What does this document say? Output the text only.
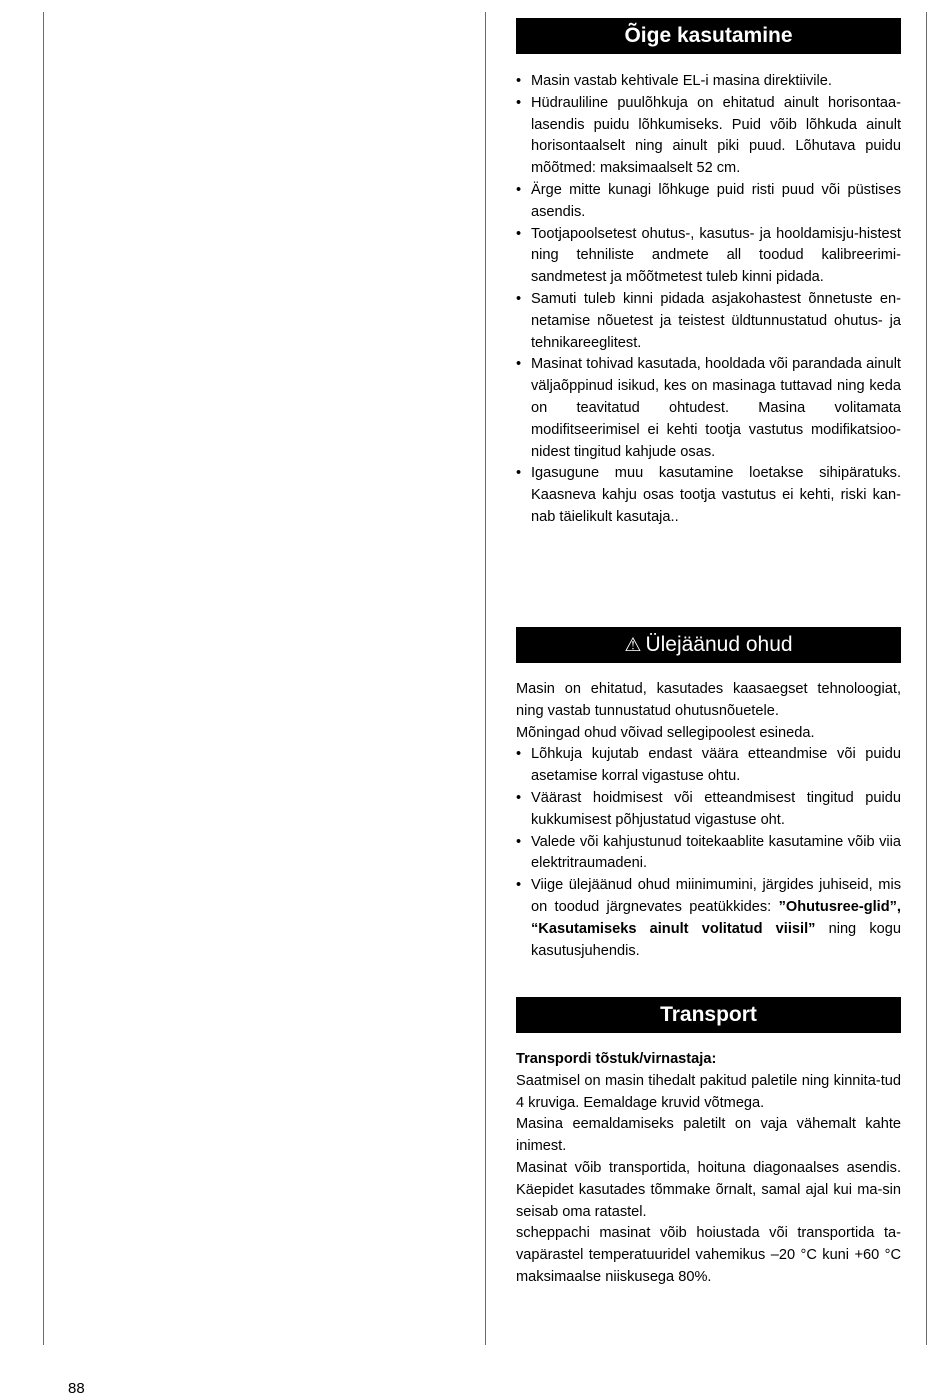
Õige kasutamine
• Masin vastab kehtivale EL-i masina direktiivile.
• Hüdrauliline puulõhkuja on ehitatud ainult horisontaa-lasendis puidu lõhkumiseks. Puid võib lõhkuda ainult horisontaalselt ning ainult piki puud. Lõhutava puidu mõõtmed: maksimaalselt 52 cm.
• Ärge mitte kunagi lõhkuge puid risti puud või püstises asendis.
• Tootjapoolsetest ohutus-, kasutus- ja hooldamisju-histest ning tehniliste andmete all toodud kalibreerimi-sandmetest ja mõõtmetest tuleb kinni pidada.
• Samuti tuleb kinni pidada asjakohastest õnnetuste en-netamise nõuetest ja teistest üldtunnustatud ohutus- ja tehnikareeglitest.
• Masinat tohivad kasutada, hooldada või parandada ainult väljaõppinud isikud, kes on masinaga tuttavad ning keda on teavitatud ohtudest. Masina volitamata modifitseerimisel ei kehti tootja vastutus modifikatsioo-nidest tingitud kahjude osas.
• Igasugune muu kasutamine loetakse sihipäratuks. Kaasneva kahju osas tootja vastutus ei kehti, riski kan-nab täielikult kasutaja..
⚠ Ülejäänud ohud

Masin on ehitatud, kasutades kaasaegset tehnoloogiat, ning vastab tunnustatud ohutusnõuetele.

Mõningad ohud võivad sellegipoolest esineda.

• Lõhkuja kujutab endast väära etteandmise või puidu asetamise korral vigastuse ohtu.
• Väärast hoidmisest või etteandmisest tingitud puidu kukkumisest põhjustatud vigastuse oht.
• Valede või kahjustunud toitekaablite kasutamine võib viia elektritraumadeni.
• Viige ülejäänud ohud miinimumini, järgides juhiseid, mis on toodud järgnevates peatükkides: ”Ohutusree-glid”, “Kasutamiseks ainult volitatud viisil” ning kogu kasutusjuhendis.
Transport

Transpordi tõstuk/virnastaja:

Saatmisel on masin tihedalt pakitud paletile ning kinnita-tud 4 kruviga. Eemaldage kruvid võtmega.

Masina eemaldamiseks paletilt on vaja vähemalt kahte inimest.

Masinat võib transportida, hoituna diagonaalses asendis. Käepidet kasutades tõmmake õrnalt, samal ajal kui ma-sin seisab oma ratastel.

scheppachi masinat võib hoiustada või transportida ta-vapärastel temperatuuridel vahemikus –20 °C kuni +60 °C maksimaalse niiskusega 80%.

88
